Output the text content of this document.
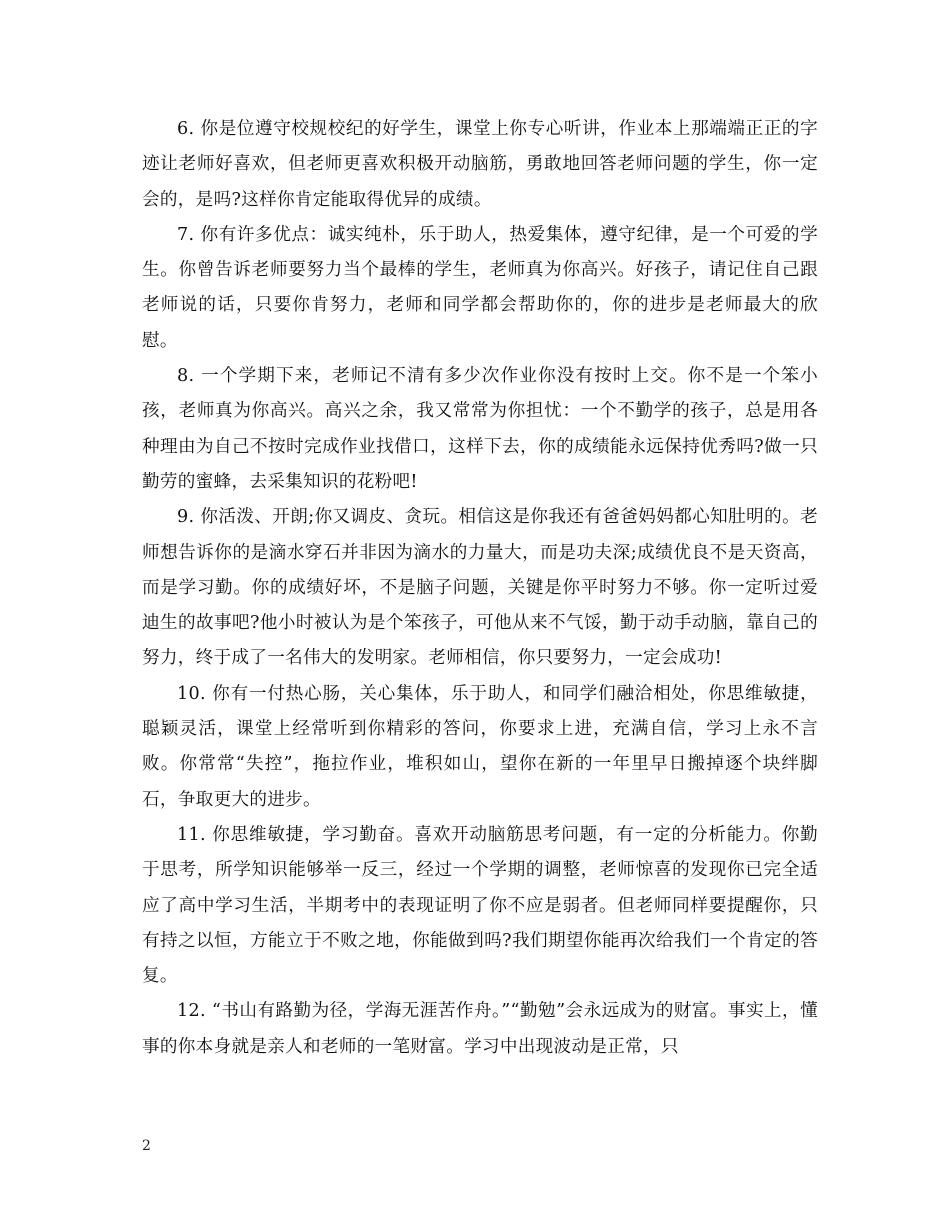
6. 你是位遵守校规校纪的好学生，课堂上你专心听讲，作业本上那端端正正的字迹让老师好喜欢，但老师更喜欢积极开动脑筋，勇敢地回答老师问题的学生，你一定会的，是吗?这样你肯定能取得优异的成绩。

7. 你有许多优点：诚实纯朴，乐于助人，热爱集体，遵守纪律，是一个可爱的学生。你曾告诉老师要努力当个最棒的学生，老师真为你高兴。好孩子，请记住自己跟老师说的话，只要你肯努力，老师和同学都会帮助你的，你的进步是老师最大的欣慰。

8. 一个学期下来，老师记不清有多少次作业你没有按时上交。你不是一个笨小孩，老师真为你高兴。高兴之余，我又常常为你担忧：一个不勤学的孩子，总是用各种理由为自己不按时完成作业找借口，这样下去，你的成绩能永远保持优秀吗?做一只勤劳的蜜蜂，去采集知识的花粉吧!

9. 你活泼、开朗;你又调皮、贪玩。相信这是你我还有爸爸妈妈都心知肚明的。老师想告诉你的是滴水穿石并非因为滴水的力量大，而是功夫深;成绩优良不是天资高，而是学习勤。你的成绩好坏，不是脑子问题，关键是你平时努力不够。你一定听过爱迪生的故事吧?他小时被认为是个笨孩子，可他从来不气馁，勤于动手动脑，靠自己的努力，终于成了一名伟大的发明家。老师相信，你只要努力，一定会成功!

10. 你有一付热心肠，关心集体，乐于助人，和同学们融洽相处，你思维敏捷，聪颖灵活，课堂上经常听到你精彩的答问，你要求上进，充满自信，学习上永不言败。你常常“失控”，拖拉作业，堆积如山，望你在新的一年里早日搬掉逐个块绊脚石，争取更大的进步。

11. 你思维敏捷，学习勤奋。喜欢开动脑筋思考问题，有一定的分析能力。你勤于思考，所学知识能够举一反三，经过一个学期的调整，老师惊喜的发现你已完全适应了高中学习生活，半期考中的表现证明了你不应是弱者。但老师同样要提醒你，只有持之以恒，方能立于不败之地，你能做到吗?我们期望你能再次给我们一个肯定的答复。

12. “书山有路勤为径，学海无涯苦作舟。”“勤勉”会永远成为的财富。事实上，懂事的你本身就是亲人和老师的一笔财富。学习中出现波动是正常，只

2
